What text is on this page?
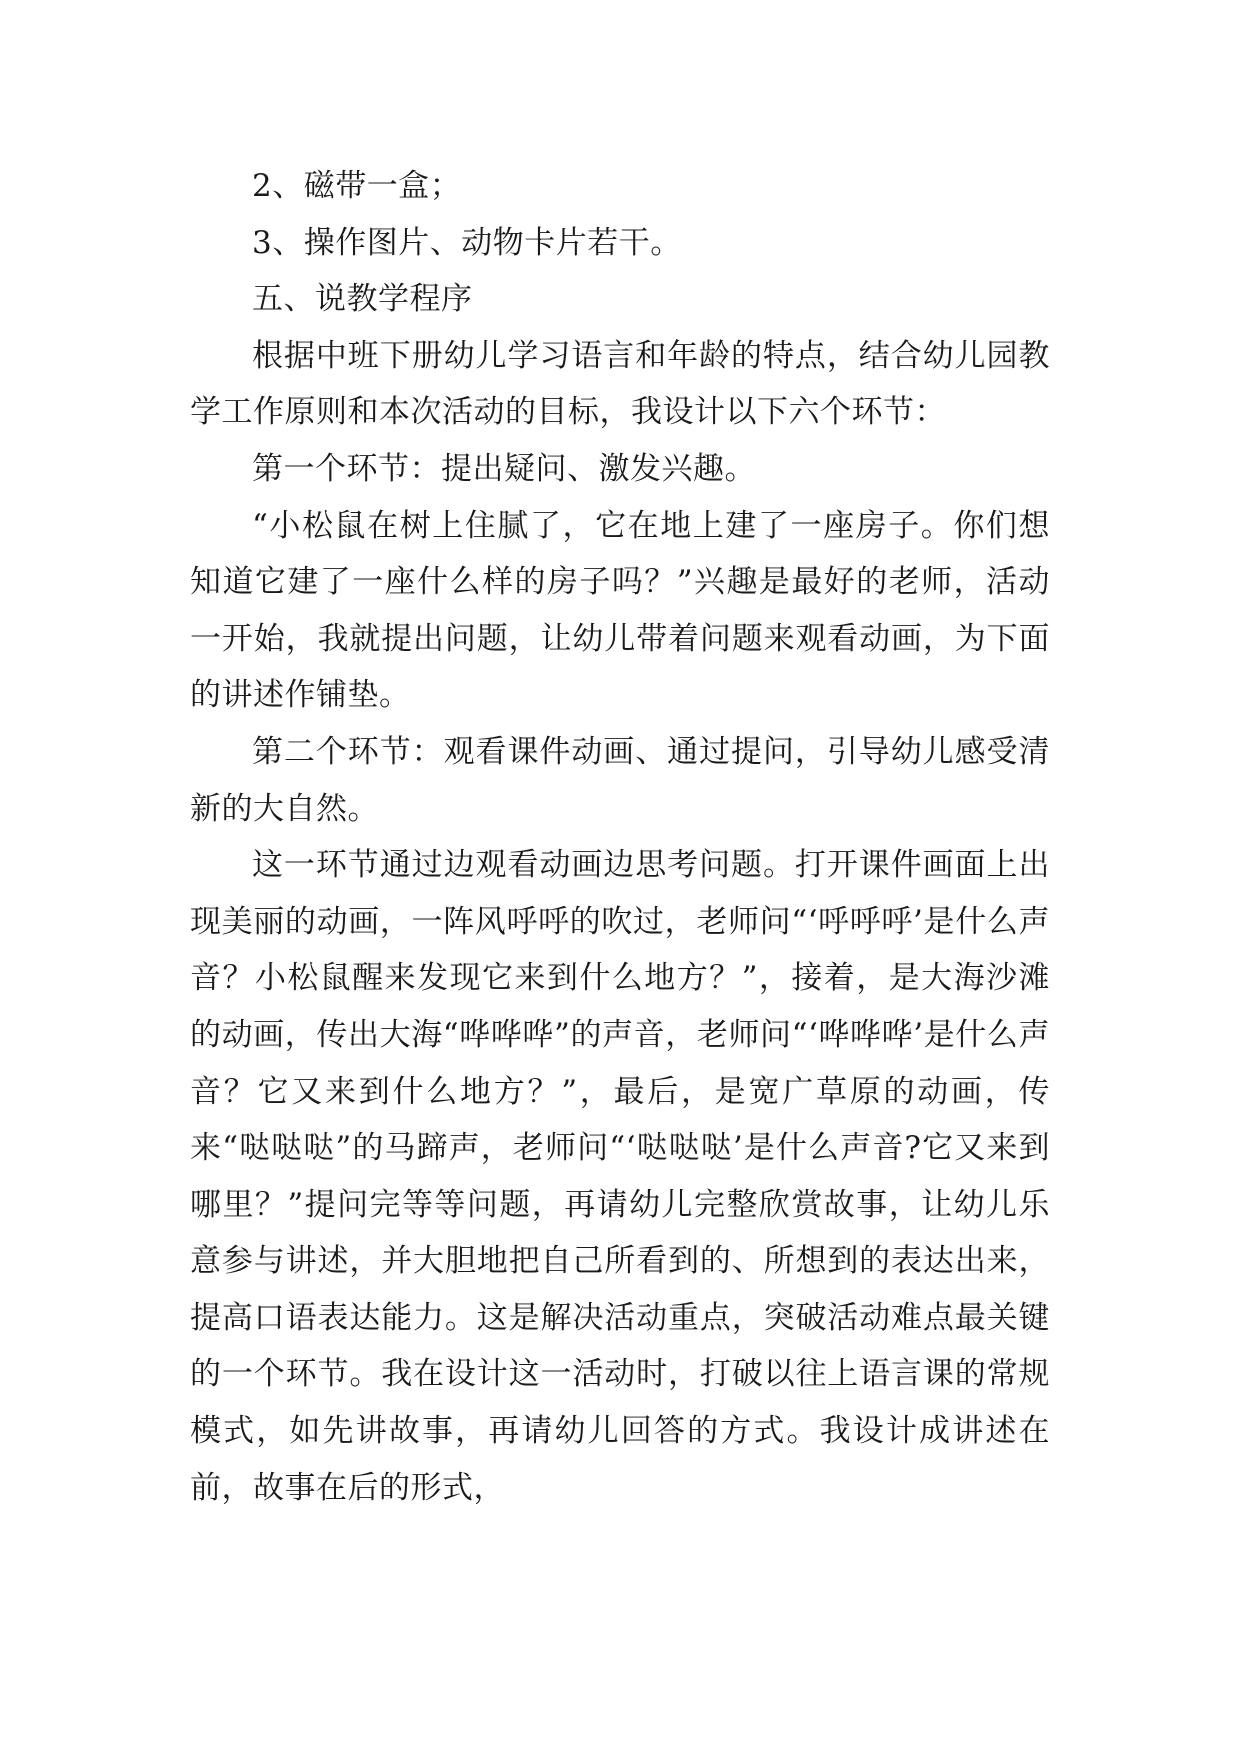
2、磁带一盒；

3、操作图片、动物卡片若干。

五、说教学程序

根据中班下册幼儿学习语言和年龄的特点，结合幼儿园教学工作原则和本次活动的目标，我设计以下六个环节：

第一个环节：提出疑问、激发兴趣。

“小松鼠在树上住腻了，它在地上建了一座房子。你们想知道它建了一座什么样的房子吗？”兴趣是最好的老师，活动一开始，我就提出问题，让幼儿带着问题来观看动画，为下面的讲述作铺垫。

第二个环节：观看课件动画、通过提问，引导幼儿感受清新的大自然。

这一环节通过边观看动画边思考问题。打开课件画面上出现美丽的动画，一阵风呼呼的吹过，老师问“‘呼呼呼’是什么声音？小松鼠醒来发现它来到什么地方？”，接着，是大海沙滩的动画，传出大海“哗哗哗”的声音，老师问“‘哗哗哗’是什么声音？它又来到什么地方？”，最后，是宽广草原的动画，传来“哒哒哒”的马蹄声，老师问“‘哒哒哒’是什么声音?它又来到哪里？”提问完等等问题，再请幼儿完整欣赏故事，让幼儿乐意参与讲述，并大胆地把自己所看到的、所想到的表达出来，提高口语表达能力。这是解决活动重点，突破活动难点最关键的一个环节。我在设计这一活动时，打破以往上语言课的常规模式，如先讲故事，再请幼儿回答的方式。我设计成讲述在前，故事在后的形式，
